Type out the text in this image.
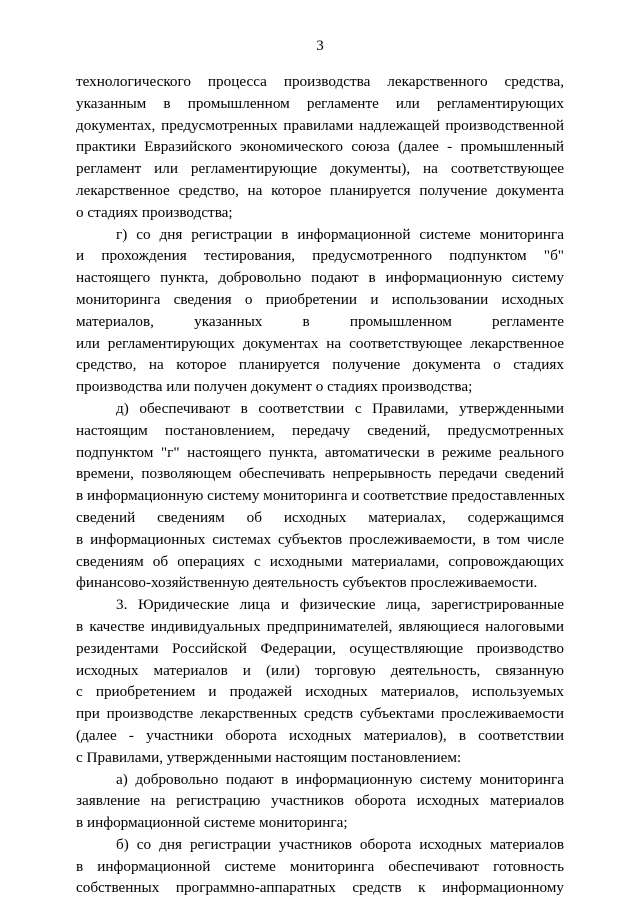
3
технологического процесса производства лекарственного средства,
указанным в промышленном регламенте или регламентирующих
документах, предусмотренных правилами надлежащей производственной
практики Евразийского экономического союза (далее - промышленный
регламент или регламентирующие документы), на соответствующее
лекарственное средство, на которое планируется получение документа
о стадиях производства;
г) со дня регистрации в информационной системе мониторинга
и прохождения тестирования, предусмотренного подпунктом "б"
настоящего пункта, добровольно подают в информационную систему
мониторинга сведения о приобретении и использовании исходных
материалов, указанных в промышленном регламенте
или регламентирующих документах на соответствующее лекарственное
средство, на которое планируется получение документа о стадиях
производства или получен документ о стадиях производства;
д) обеспечивают в соответствии с Правилами, утвержденными
настоящим постановлением, передачу сведений, предусмотренных
подпунктом "г" настоящего пункта, автоматически в режиме реального
времени, позволяющем обеспечивать непрерывность передачи сведений
в информационную систему мониторинга и соответствие предоставленных
сведений сведениям об исходных материалах, содержащимся
в информационных системах субъектов прослеживаемости, в том числе
сведениям об операциях с исходными материалами, сопровождающих
финансово-хозяйственную деятельность субъектов прослеживаемости.
3. Юридические лица и физические лица, зарегистрированные
в качестве индивидуальных предпринимателей, являющиеся налоговыми
резидентами Российской Федерации, осуществляющие производство
исходных материалов и (или) торговую деятельность, связанную
с приобретением и продажей исходных материалов, используемых
при производстве лекарственных средств субъектами прослеживаемости
(далее - участники оборота исходных материалов), в соответствии
с Правилами, утвержденными настоящим постановлением:
а) добровольно подают в информационную систему мониторинга
заявление на регистрацию участников оборота исходных материалов
в информационной системе мониторинга;
б) со дня регистрации участников оборота исходных материалов
в информационной системе мониторинга обеспечивают готовность
собственных программно-аппаратных средств к информационному
